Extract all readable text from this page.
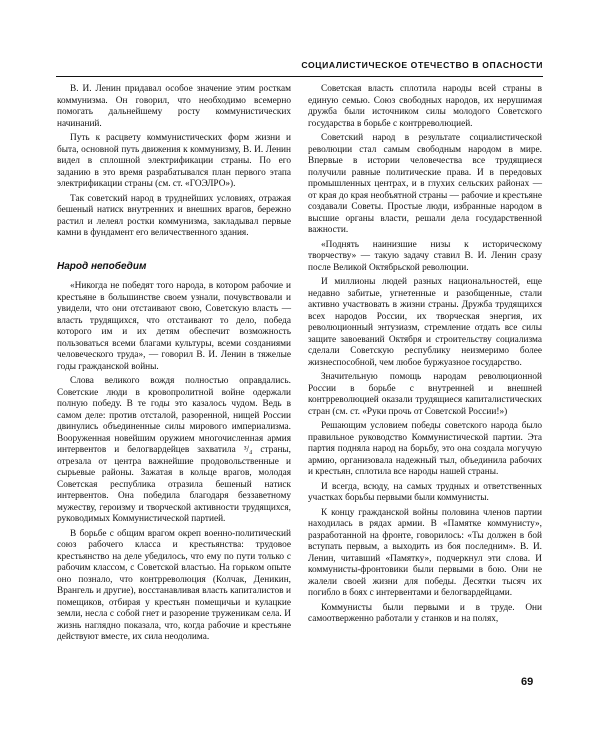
СОЦИАЛИСТИЧЕСКОЕ ОТЕЧЕСТВО В ОПАСНОСТИ

В. И. Ленин придавал особое значение этим росткам коммунизма. Он говорил, что необходимо всемерно помогать дальнейшему росту коммунистических начинаний.

Путь к расцвету коммунистических форм жизни и быта, основной путь движения к коммунизму, В. И. Ленин видел в сплошной электрификации страны. По его заданию в это время разрабатывался план первого этапа электрификации страны (см. ст. «ГОЭЛРО»).

Так советский народ в труднейших условиях, отражая бешеный натиск внутренних и внешних врагов, бережно растил и лелеял ростки коммунизма, закладывал первые камни в фундамент его величественного здания.

Народ непобедим

«Никогда не победят того народа, в котором рабочие и крестьяне в большинстве своем узнали, почувствовали и увидели, что они отстаивают свою, Советскую власть — власть трудящихся, что отстаивают то дело, победа которого им и их детям обеспечит возможность пользоваться всеми благами культуры, всеми созданиями человеческого труда», — говорил В. И. Ленин в тяжелые годы гражданской войны.

Слова великого вождя полностью оправдались. Советские люди в кровопролитной войне одержали полную победу. В те годы это казалось чудом. Ведь в самом деле: против отсталой, разоренной, нищей России двинулись объединенные силы мирового империализма. Вооруженная новейшим оружием многочисленная армия интервентов и белогвардейцев захватила ³/₄ страны, отрезала от центра важнейшие продовольственные и сырьевые районы. Зажатая в кольце врагов, молодая Советская республика отразила бешеный натиск интервентов. Она победила благодаря беззаветному мужеству, героизму и творческой активности трудящихся, руководимых Коммунистической партией.

В борьбе с общим врагом окреп военно-политический союз рабочего класса и крестьянства: трудовое крестьянство на деле убедилось, что ему по пути только с рабочим классом, с Советской властью. На горьком опыте оно познало, что контрреволюция (Колчак, Деникин, Врангель и другие), восстанавливая власть капиталистов и помещиков, отбирая у крестьян помещичьи и кулацкие земли, несла с собой гнет и разорение труженикам села. И жизнь наглядно показала, что, когда рабочие и крестьяне действуют вместе, их сила неодолима.

Советская власть сплотила народы всей страны в единую семью. Союз свободных народов, их нерушимая дружба были источником силы молодого Советского государства в борьбе с контрреволюцией.

Советский народ в результате социалистической революции стал самым свободным народом в мире. Впервые в истории человечества все трудящиеся получили равные политические права. И в передовых промышленных центрах, и в глухих сельских районах — от края до края необъятной страны — рабочие и крестьяне создавали Советы. Простые люди, избранные народом в высшие органы власти, решали дела государственной важности.

«Поднять наинизшие низы к историческому творчеству» — такую задачу ставил В. И. Ленин сразу после Великой Октябрьской революции.

И миллионы людей разных национальностей, еще недавно забитые, угнетенные и разобщенные, стали активно участвовать в жизни страны. Дружба трудящихся всех народов России, их творческая энергия, их революционный энтузиазм, стремление отдать все силы защите завоеваний Октября и строительству социализма сделали Советскую республику неизмеримо более жизнеспособной, чем любое буржуазное государство.

Значительную помощь народам революционной России в борьбе с внутренней и внешней контрреволюцией оказали трудящиеся капиталистических стран (см. ст. «Руки прочь от Советской России!»)

Решающим условием победы советского народа было правильное руководство Коммунистической партии. Эта партия подняла народ на борьбу, это она создала могучую армию, организовала надежный тыл, объединила рабочих и крестьян, сплотила все народы нашей страны.

И всегда, всюду, на самых трудных и ответственных участках борьбы первыми были коммунисты.

К концу гражданской войны половина членов партии находилась в рядах армии. В «Памятке коммунисту», разработанной на фронте, говорилось: «Ты должен в бой вступать первым, а выходить из боя последним». В. И. Ленин, читавший «Памятку», подчеркнул эти слова. И коммунисты-фронтовики были первыми в бою. Они не жалели своей жизни для победы. Десятки тысяч их погибло в боях с интервентами и белогвардейцами.

Коммунисты были первыми и в труде. Они самоотверженно работали у станков и на полях,

69
